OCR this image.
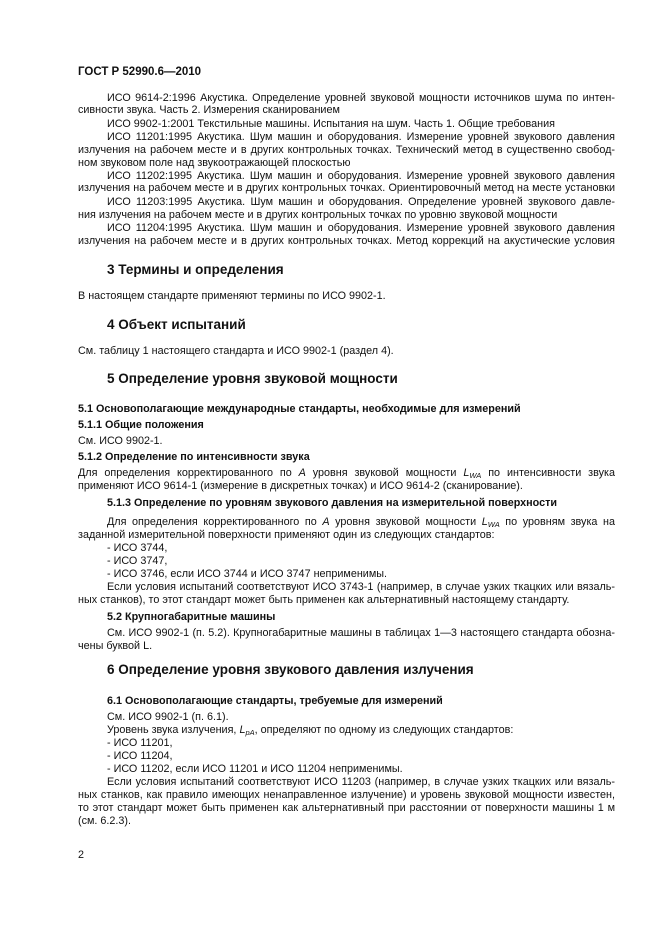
ГОСТ Р 52990.6—2010
ИСО 9614-2:1996 Акустика. Определение уровней звуковой мощности источников шума по интен-
сивности звука. Часть 2. Измерения сканированием
ИСО 9902-1:2001 Текстильные машины. Испытания на шум. Часть 1. Общие требования
ИСО 11201:1995 Акустика. Шум машин и оборудования. Измерение уровней звукового давления
излучения на рабочем месте и в других контрольных точках. Технический метод в существенно свобод-
ном звуковом поле над звукоотражающей плоскостью
ИСО 11202:1995 Акустика. Шум машин и оборудования. Измерение уровней звукового давления
излучения на рабочем месте и в других контрольных точках. Ориентировочный метод на месте установки
ИСО 11203:1995 Акустика. Шум машин и оборудования. Определение уровней звукового давле-
ния излучения на рабочем месте и в других контрольных точках по уровню звуковой мощности
ИСО 11204:1995 Акустика. Шум машин и оборудования. Измерение уровней звукового давления
излучения на рабочем месте и в других контрольных точках. Метод коррекций на акустические условия
3 Термины и определения
В настоящем стандарте применяют термины по ИСО 9902-1.
4 Объект испытаний
См. таблицу 1 настоящего стандарта и ИСО 9902-1 (раздел 4).
5 Определение уровня звуковой мощности
5.1 Основополагающие международные стандарты, необходимые для измерений
5.1.1 Общие положения
См. ИСО 9902-1.
5.1.2 Определение по интенсивности звука
Для определения корректированного по A уровня звуковой мощности $L_{WA}$ по интенсивности звука
применяют ИСО 9614-1 (измерение в дискретных точках) и ИСО 9614-2 (сканирование).
5.1.3 Определение по уровням звукового давления на измерительной поверхности
Для определения корректированного по A уровня звуковой мощности $L_{WA}$ по уровням звука на
заданной измерительной поверхности применяют один из следующих стандартов:
- ИСО 3744,
- ИСО 3747,
- ИСО 3746, если ИСО 3744 и ИСО 3747 неприменимы.
Если условия испытаний соответствуют ИСО 3743-1 (например, в случае узких ткацких или вязаль-
ных станков), то этот стандарт может быть применен как альтернативный настоящему стандарту.
5.2 Крупногабаритные машины
См. ИСО 9902-1 (п. 5.2). Крупногабаритные машины в таблицах 1—3 настоящего стандарта обозна-
чены буквой L.
6 Определение уровня звукового давления излучения
6.1 Основополагающие стандарты, требуемые для измерений
См. ИСО 9902-1 (п. 6.1).
Уровень звука излучения, $L_{pA}$, определяют по одному из следующих стандартов:
- ИСО 11201,
- ИСО 11204,
- ИСО 11202, если ИСО 11201 и ИСО 11204 неприменимы.
Если условия испытаний соответствуют ИСО 11203 (например, в случае узких ткацких или вязаль-
ных станков, как правило имеющих ненаправленное излучение) и уровень звуковой мощности известен,
то этот стандарт может быть применен как альтернативный при расстоянии от поверхности машины 1 м
(см. 6.2.3).
2
